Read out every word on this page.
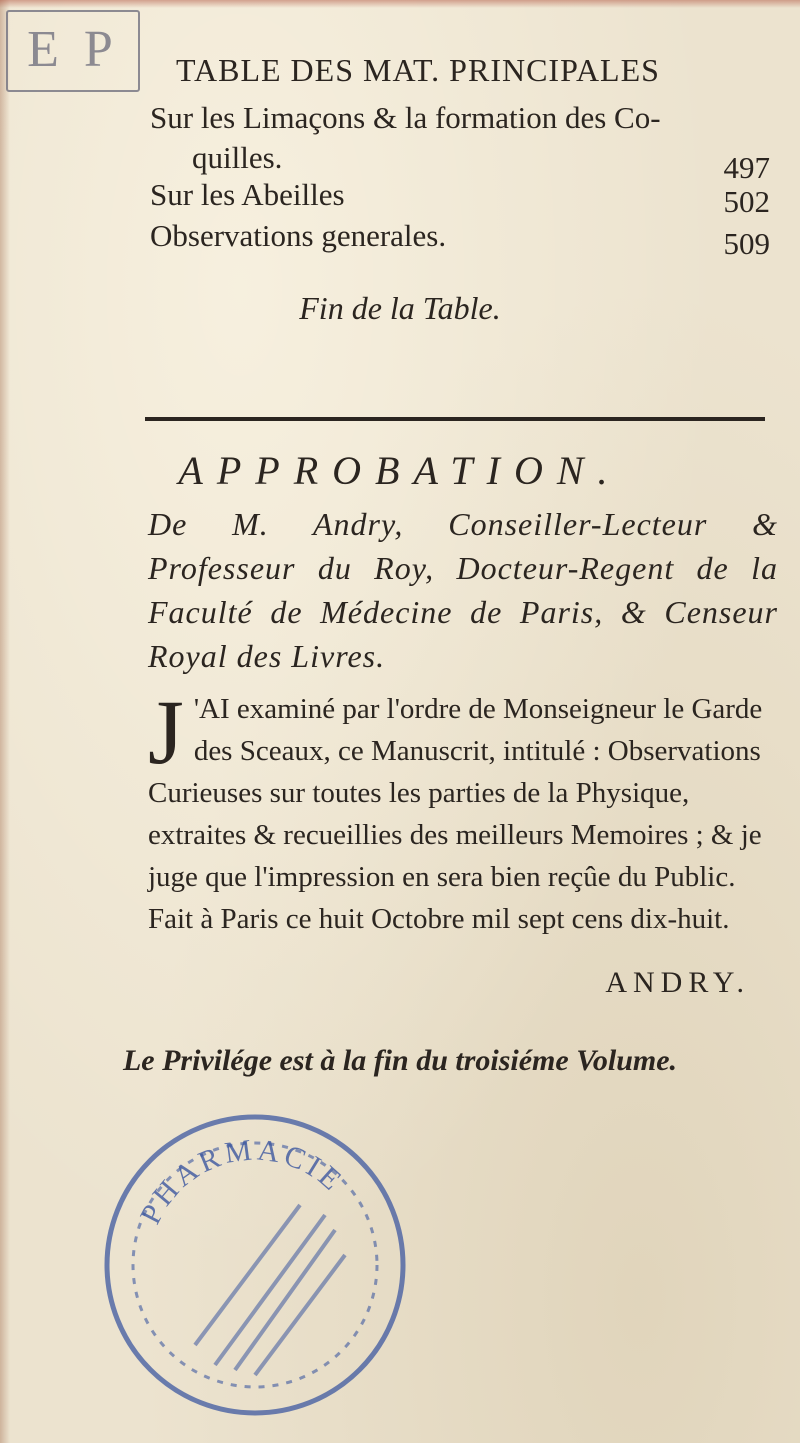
E P	TABLE DES MAT. PRINCIPALES
Sur les Limaçons & la formation des Co-
quilles.	497
Sur les Abeilles	502
Observations generales.	509
Fin de la Table.
APPROBATION.
De M. Andry, Conseiller-Lecteur & Professeur du Roy, Docteur-Regent de la Faculté de Médecine de Paris, & Censeur Royal des Livres.
J 'AI examiné par l'ordre de Monseigneur le Garde des Sceaux, ce Manuscrit, intitulé : Observations Curieuses sur toutes les parties de la Physique, extraites & recueillies des meilleurs Memoires ; & je juge que l'impression en sera bien reçûe du Public. Fait à Paris ce huit Octobre mil sept cens dix-huit.
ANDRY.
Le Privilége est à la fin du troisiéme Volume.
PHARMACIE
